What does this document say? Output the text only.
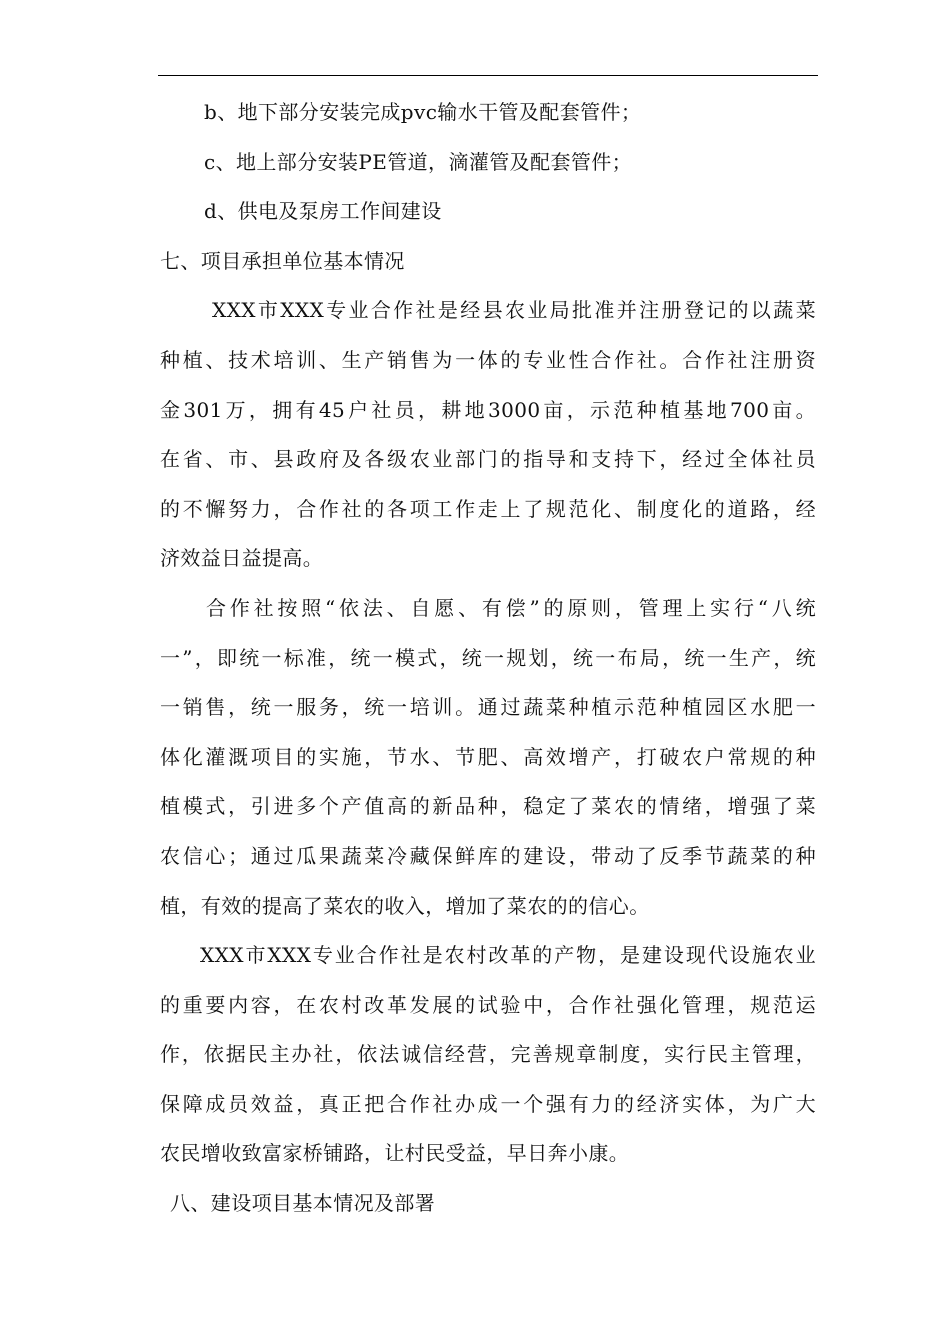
b、地下部分安装完成pvc输水干管及配套管件；
c、地上部分安装PE管道，滴灌管及配套管件；
d、供电及泵房工作间建设
七、项目承担单位基本情况
XXX市XXX专业合作社是经县农业局批准并注册登记的以蔬菜
种植、技术培训、生产销售为一体的专业性合作社。合作社注册资
金301万，拥有45户社员，耕地3000亩，示范种植基地700亩。
在省、市、县政府及各级农业部门的指导和支持下，经过全体社员
的不懈努力，合作社的各项工作走上了规范化、制度化的道路，经
济效益日益提高。
合作社按照“依法、自愿、有偿”的原则，管理上实行“八统
一”，即统一标准，统一模式，统一规划，统一布局，统一生产，统
一销售，统一服务，统一培训。通过蔬菜种植示范种植园区水肥一
体化灌溉项目的实施，节水、节肥、高效增产，打破农户常规的种
植模式，引进多个产值高的新品种，稳定了菜农的情绪，增强了菜
农信心；通过瓜果蔬菜冷藏保鲜库的建设，带动了反季节蔬菜的种
植，有效的提高了菜农的收入，增加了菜农的的信心。
XXX市XXX专业合作社是农村改革的产物，是建设现代设施农业
的重要内容，在农村改革发展的试验中，合作社强化管理，规范运
作，依据民主办社，依法诚信经营，完善规章制度，实行民主管理，
保障成员效益，真正把合作社办成一个强有力的经济实体，为广大
农民增收致富家桥铺路，让村民受益，早日奔小康。
八、建设项目基本情况及部署
